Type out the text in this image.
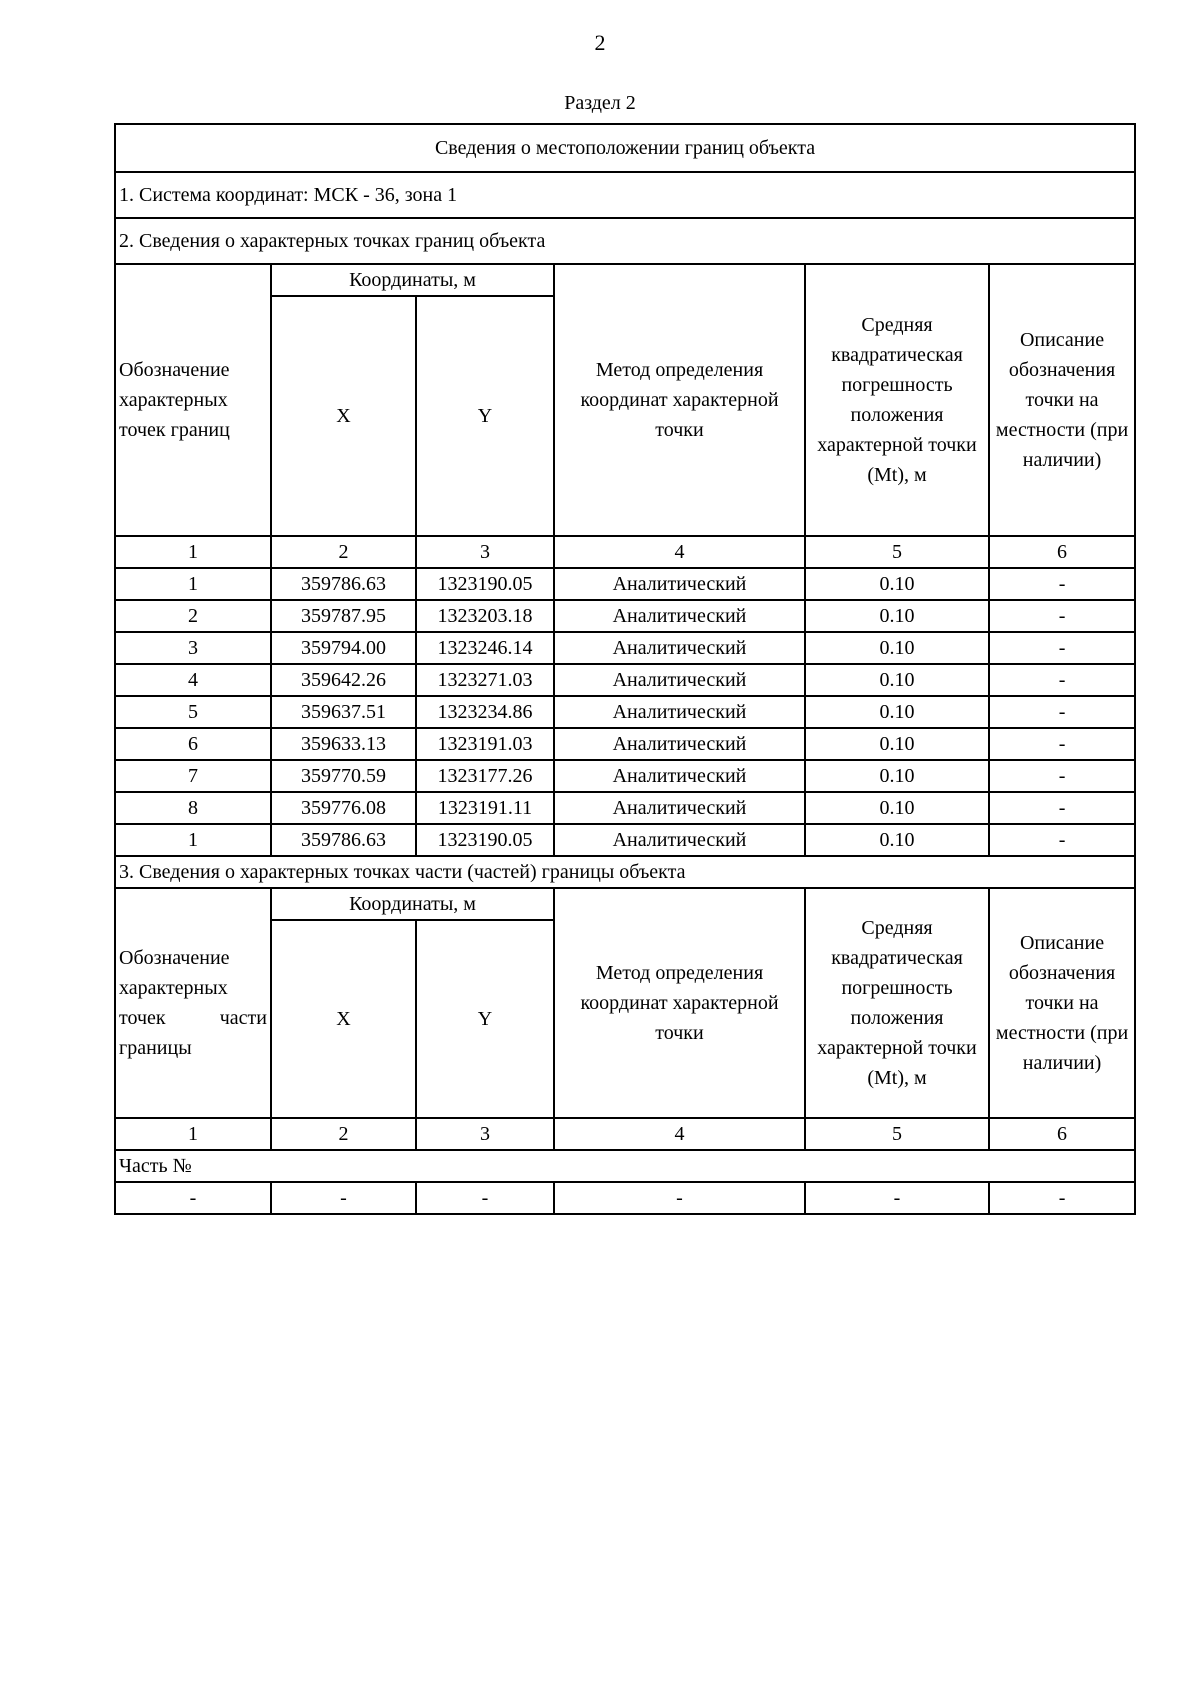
2
Раздел 2
Сведения о местоположении границ объекта					
1. Система координат: МСК - 36, зона 1					
2. Сведения о характерных точках границ объекта					
Обозначение характерных точек границ	Координаты, м		Метод определения координат характерной точки	Средняя квадратическая погрешность положения характерной точки (Mt), м	Описание обозначения точки на местности (при наличии)
	X	Y			
1	2	3	4	5	6
1	359786.63	1323190.05	Аналитический	0.10	-
2	359787.95	1323203.18	Аналитический	0.10	-
3	359794.00	1323246.14	Аналитический	0.10	-
4	359642.26	1323271.03	Аналитический	0.10	-
5	359637.51	1323234.86	Аналитический	0.10	-
6	359633.13	1323191.03	Аналитический	0.10	-
7	359770.59	1323177.26	Аналитический	0.10	-
8	359776.08	1323191.11	Аналитический	0.10	-
1	359786.63	1323190.05	Аналитический	0.10	-
3. Сведения о характерных точках части (частей) границы объекта					
Обозначение характерных точек части границы	Координаты, м		Метод определения координат характерной точки	Средняя квадратическая погрешность положения характерной точки (Mt), м	Описание обозначения точки на местности (при наличии)
	X	Y			
1	2	3	4	5	6
Часть №					
-	-	-	-	-	-
